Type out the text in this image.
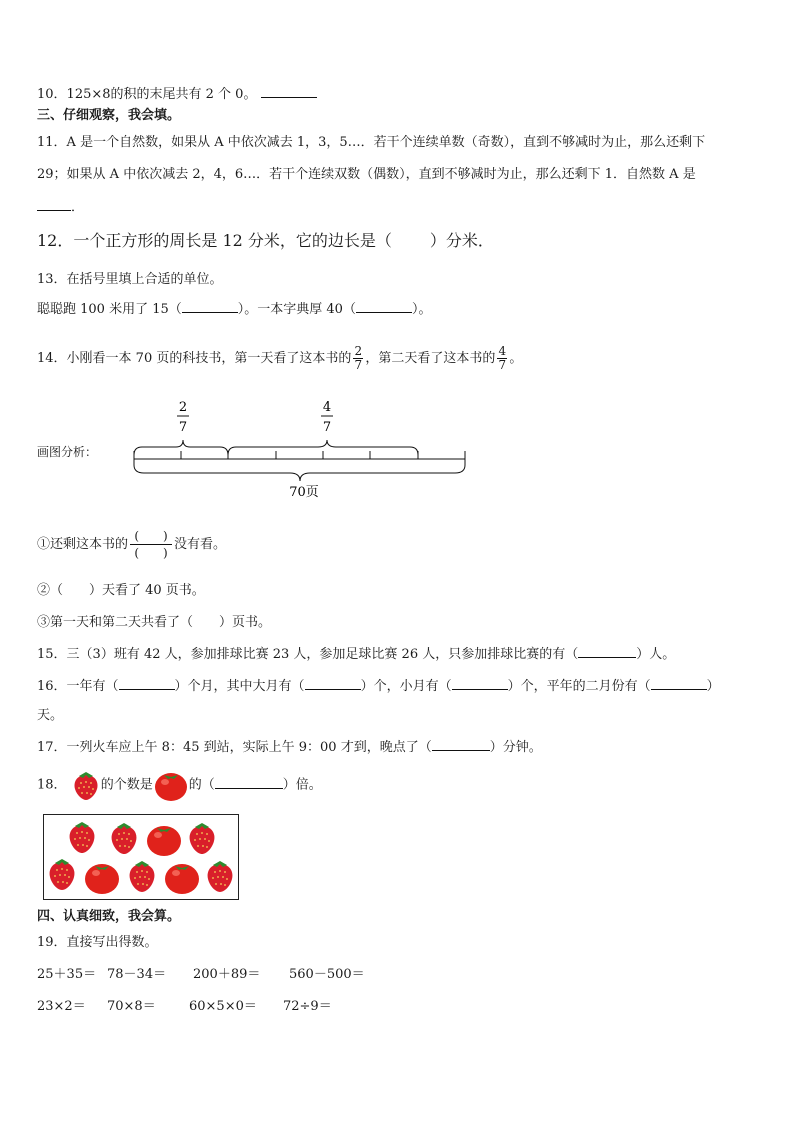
10．125×8的积的末尾共有 2 个 0。
三、仔细观察，我会填。
11．A 是一个自然数，如果从 A 中依次减去 1，3，5…．若干个连续单数（奇数），直到不够减时为止，那么还剩下
29；如果从 A 中依次减去 2，4，6…．若干个连续双数（偶数），直到不够减时为止，那么还剩下 1．自然数 A 是
．
12．一个正方形的周长是 12 分米，它的边长是（ ）分米．
13．在括号里填上合适的单位。
聪聪跑 100 米用了 15（	）。一本字典厚 40（	）。
14．小刚看一本 70 页的科技书，第一天看了这本书的 $\frac{2}{7}$ ，第二天看了这本书的 $\frac{4}{7}$ 。
画图分析：
2
7
4
7
70页
①还剩这本书的 $\frac{( )}{( )}$ 没有看。
②（　　）天看了 40 页书。
③第一天和第二天共看了（　　）页书。
15．三（3）班有 42 人，参加排球比赛 23 人，参加足球比赛 26 人，只参加排球比赛的有（	）人。
16．一年有（	）个月，其中大月有（	）个，小月有（	）个，平年的二月份有（	）
天。
17．一列火车应上午 8：45 到站，实际上午 9：00 才到，晚点了（	）分钟。
18．	的个数是	的（	）倍。
四、认真细致，我会算。
19．直接写出得数。
25＋35＝ 78－34＝ 200＋89＝ 560－500＝
23×2＝ 70×8＝	60×5×0＝ 72÷9＝
